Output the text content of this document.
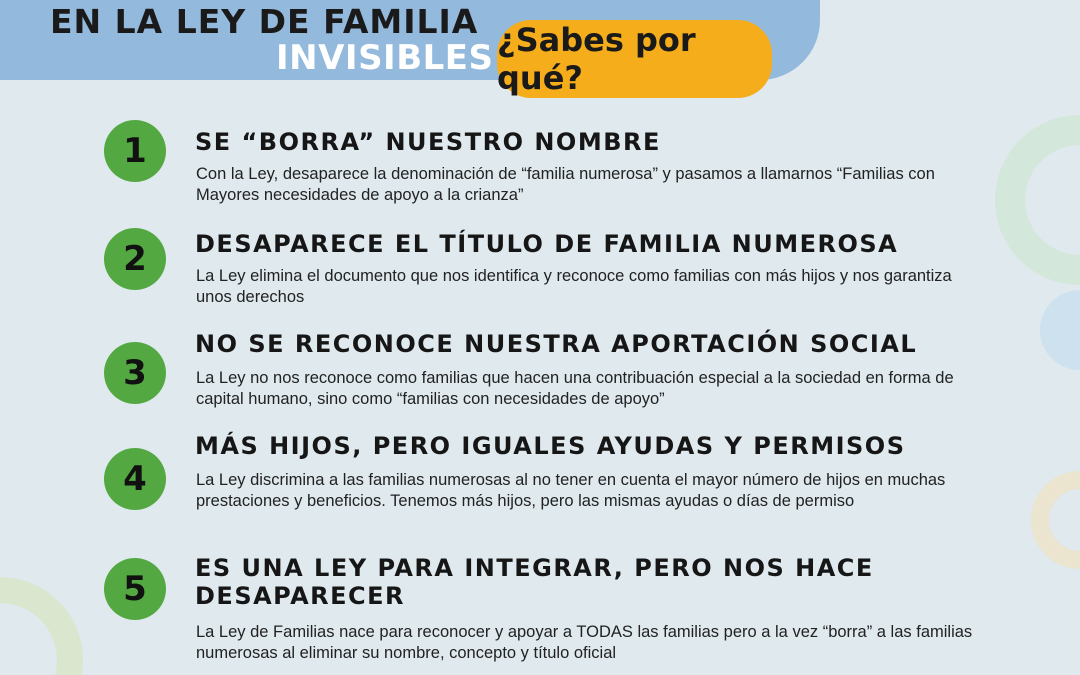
EN LA LEY DE FAMILIA
INVISIBLES ¿Sabes por qué?
1 SE “BORRA” NUESTRO NOMBRE
Con la Ley, desaparece la denominación de “familia numerosa” y pasamos a llamarnos “Familias con Mayores necesidades de apoyo a la crianza”
2 DESAPARECE EL TÍTULO DE FAMILIA NUMEROSA
La Ley elimina el documento que nos identifica y reconoce como familias con más hijos y nos garantiza unos derechos
3
NO SE RECONOCE NUESTRA APORTACIÓN SOCIAL
La Ley no nos reconoce como familias que hacen una contribuación especial a la sociedad en forma de capital humano, sino como “familias con necesidades de apoyo”
4
MÁS HIJOS, PERO IGUALES AYUDAS Y PERMISOS
La Ley discrimina a las familias numerosas al no tener en cuenta el mayor número de hijos en muchas prestaciones y beneficios. Tenemos más hijos, pero las mismas ayudas o días de permiso
5
ES UNA LEY PARA INTEGRAR, PERO NOS HACE DESAPARECER
La Ley de Familias nace para reconocer y apoyar a TODAS las familias pero a la vez “borra” a las familias numerosas al eliminar su nombre, concepto y título oficial
